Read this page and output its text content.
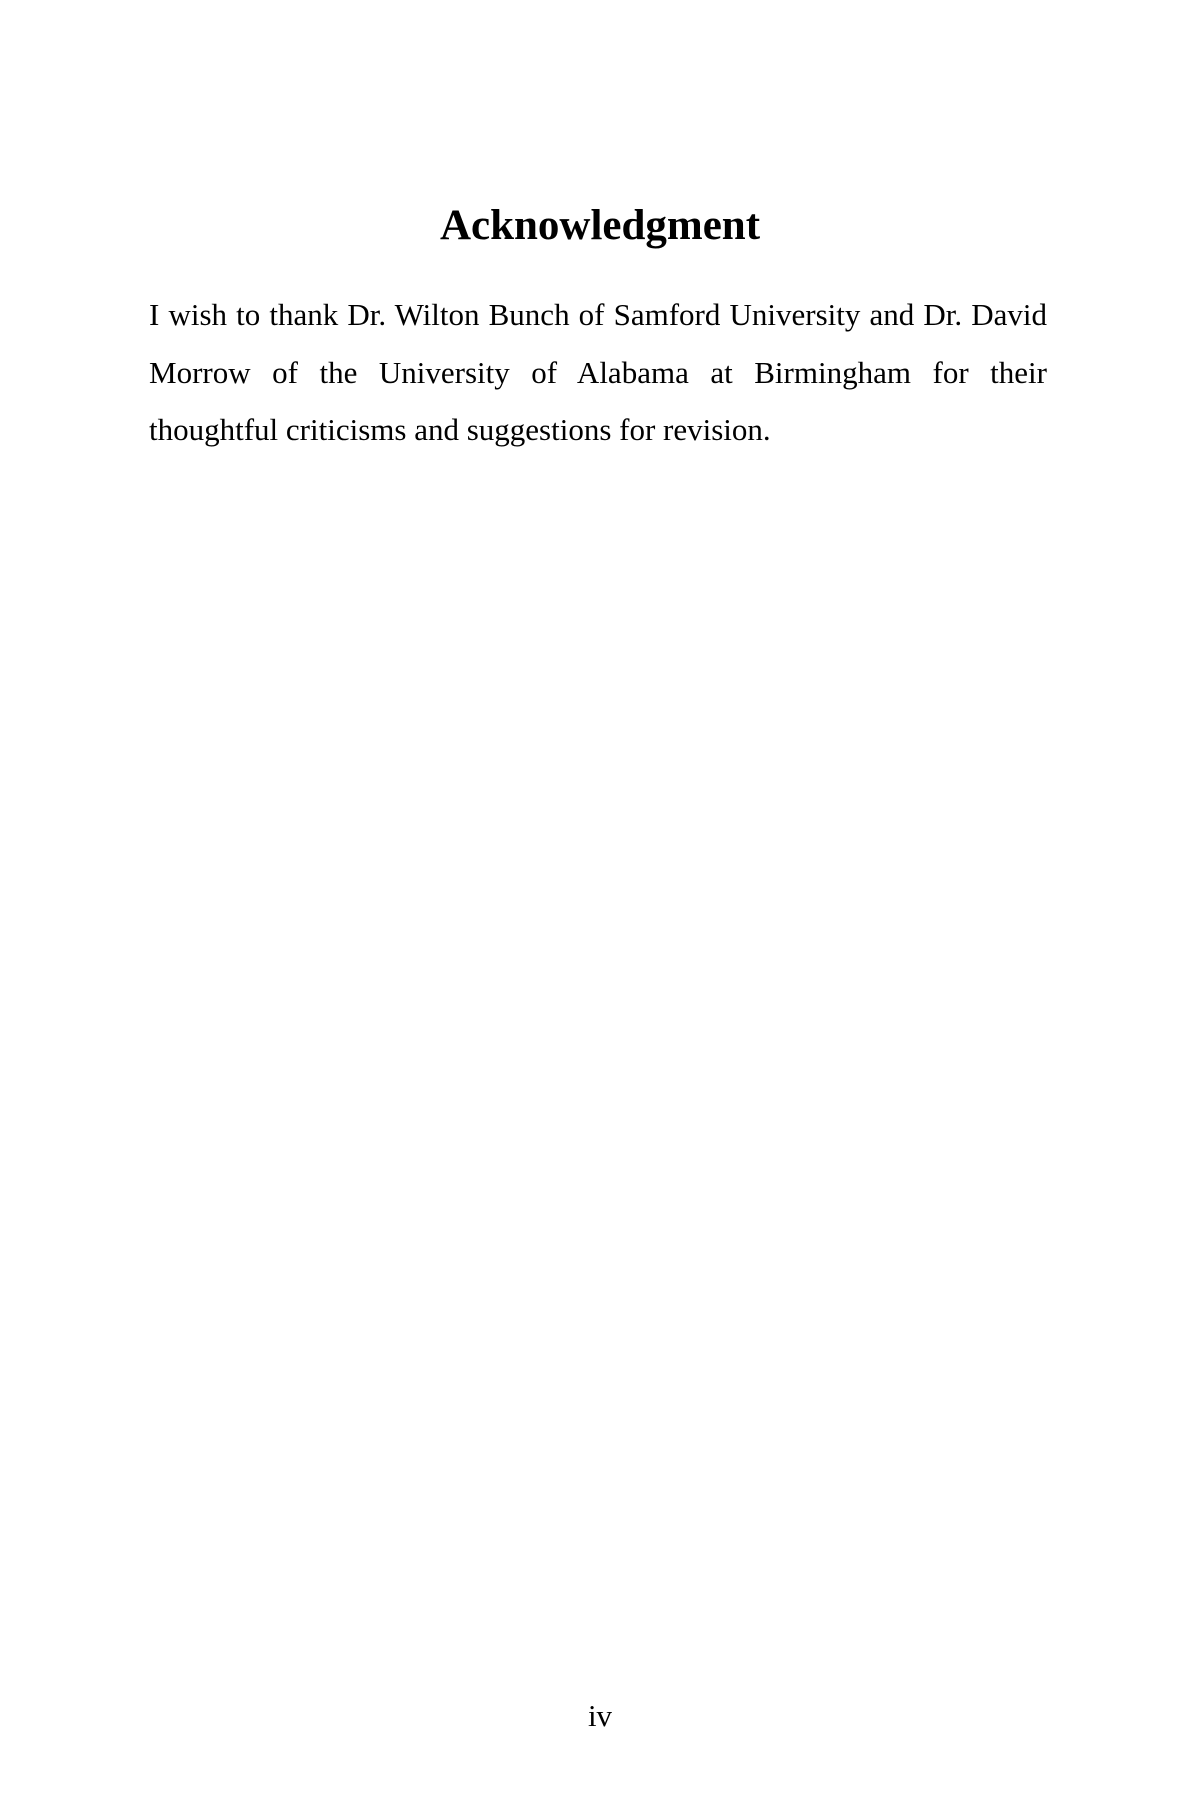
Acknowledgment

I wish to thank Dr. Wilton Bunch of Samford University and Dr. David Morrow of the University of Alabama at Birmingham for their thoughtful criticisms and suggestions for revision.

iv
